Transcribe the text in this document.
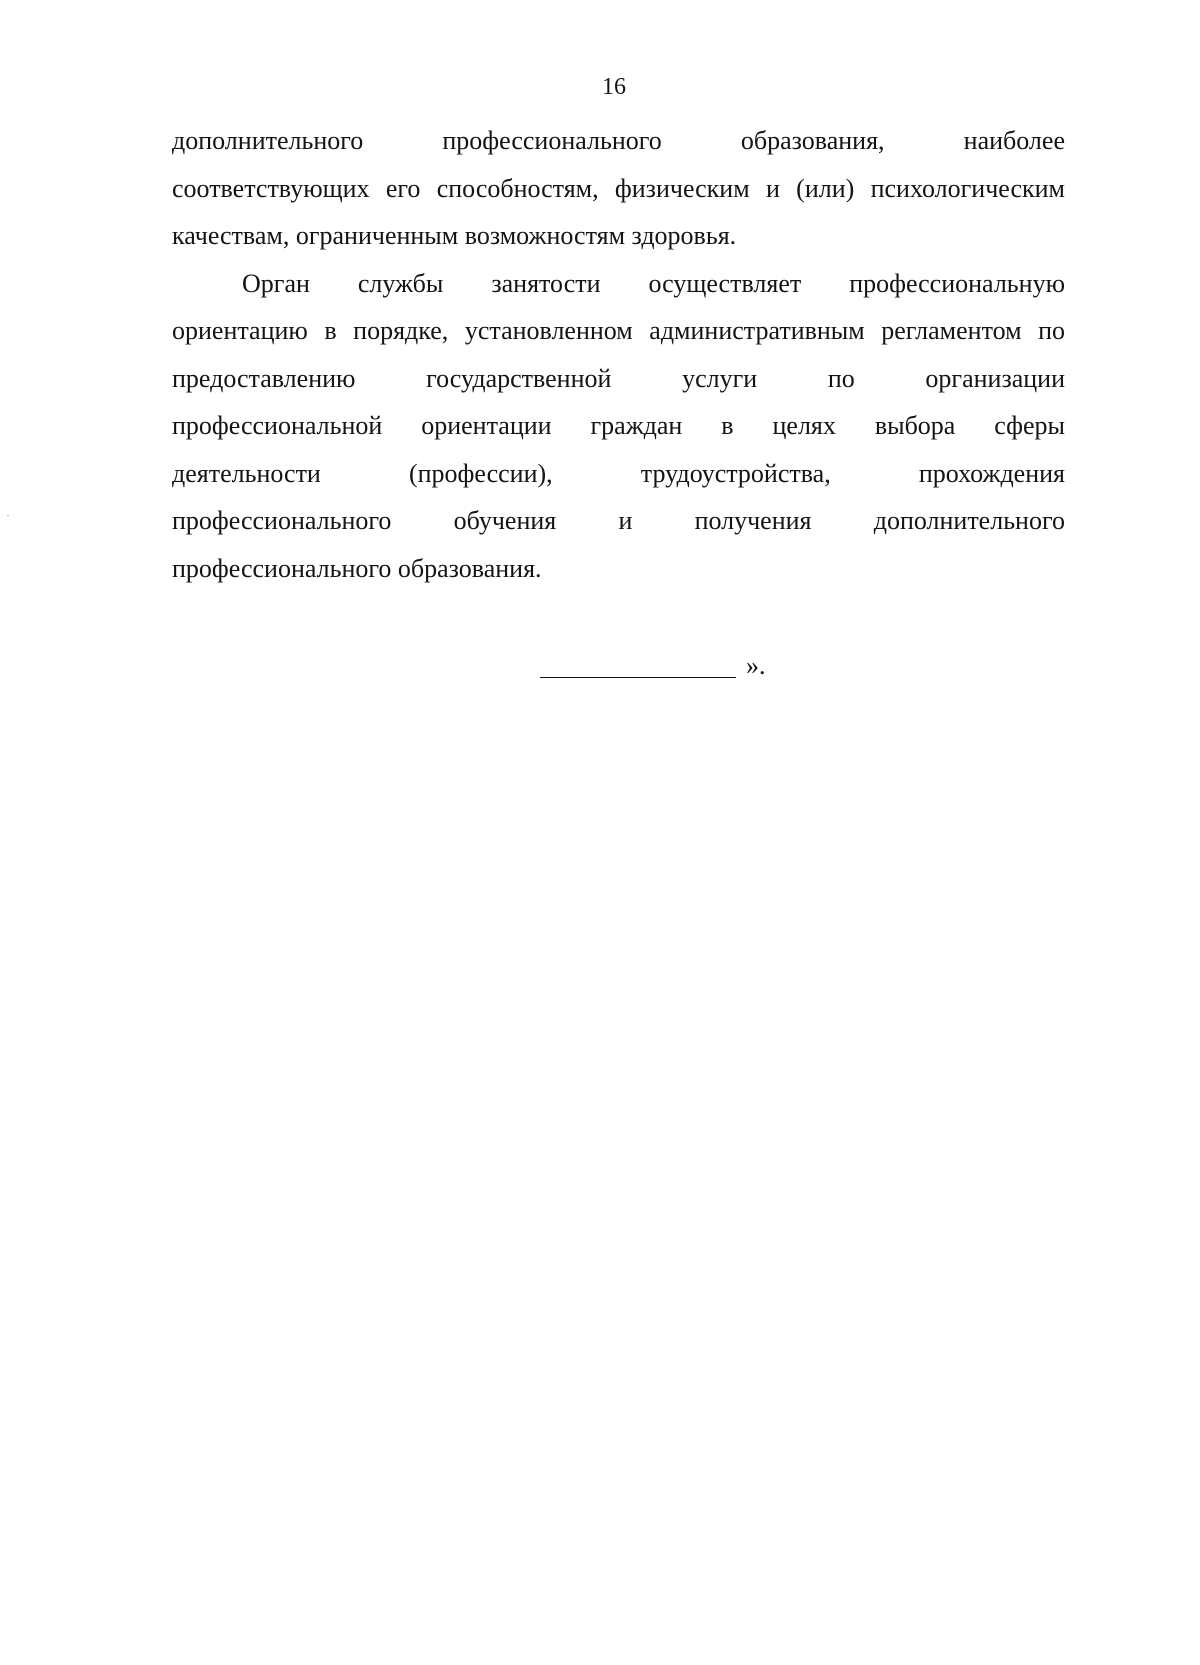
16
дополнительного профессионального образования, наиболее
соответствующих его способностям, физическим и (или) психологическим
качествам, ограниченным возможностям здоровья.
Орган службы занятости осуществляет профессиональную
ориентацию в порядке, установленном административным регламентом по
предоставлению государственной услуги по организации
профессиональной ориентации граждан в целях выбора сферы
деятельности (профессии), трудоустройства, прохождения
профессионального обучения и получения дополнительного
профессионального образования.
».
